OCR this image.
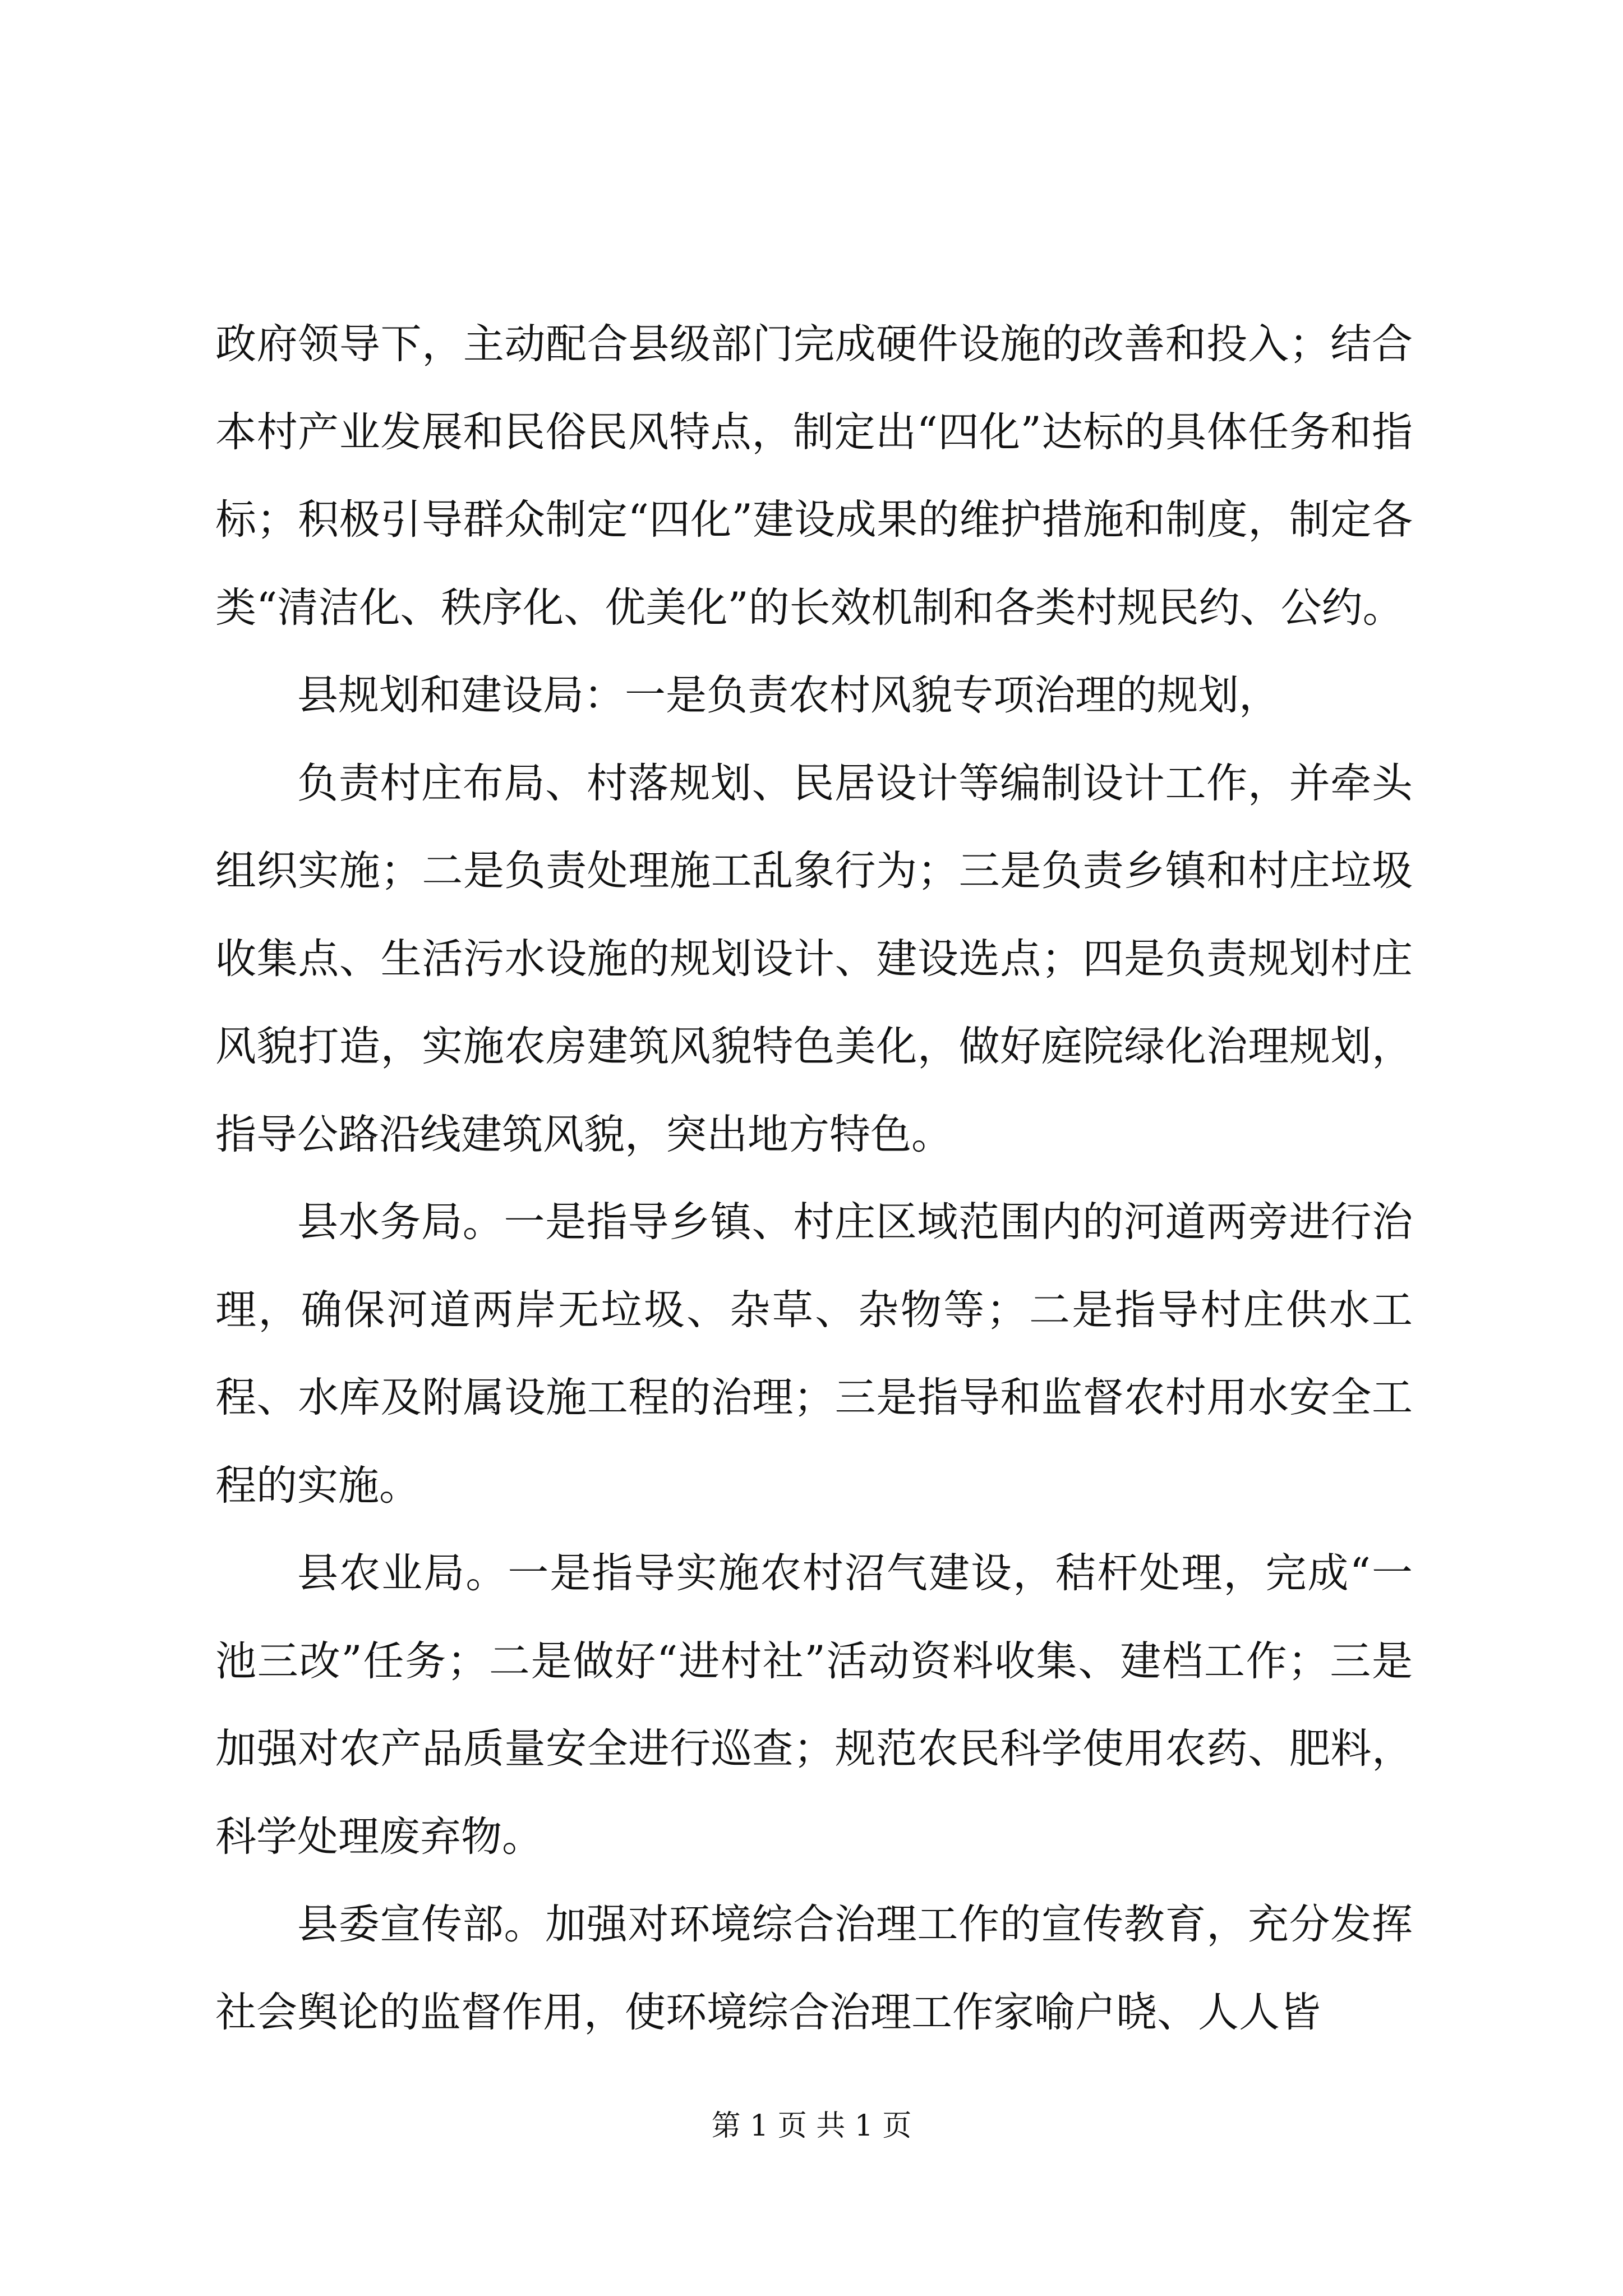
政府领导下，主动配合县级部门完成硬件设施的改善和投入；结合本村产业发展和民俗民风特点，制定出“四化”达标的具体任务和指标；积极引导群众制定“四化”建设成果的维护措施和制度，制定各类“清洁化、秩序化、优美化”的长效机制和各类村规民约、公约。

县规划和建设局：一是负责农村风貌专项治理的规划，

负责村庄布局、村落规划、民居设计等编制设计工作，并牵头组织实施；二是负责处理施工乱象行为；三是负责乡镇和村庄垃圾收集点、生活污水设施的规划设计、建设选点；四是负责规划村庄风貌打造，实施农房建筑风貌特色美化，做好庭院绿化治理规划，指导公路沿线建筑风貌，突出地方特色。

县水务局。一是指导乡镇、村庄区域范围内的河道两旁进行治理，确保河道两岸无垃圾、杂草、杂物等；二是指导村庄供水工程、水库及附属设施工程的治理；三是指导和监督农村用水安全工程的实施。

县农业局。一是指导实施农村沼气建设，秸杆处理，完成“一池三改”任务；二是做好“进村社”活动资料收集、建档工作；三是加强对农产品质量安全进行巡查；规范农民科学使用农药、肥料，科学处理废弃物。

县委宣传部。加强对环境综合治理工作的宣传教育，充分发挥社会舆论的监督作用，使环境综合治理工作家喻户晓、人人皆

第 1 页 共 1 页
